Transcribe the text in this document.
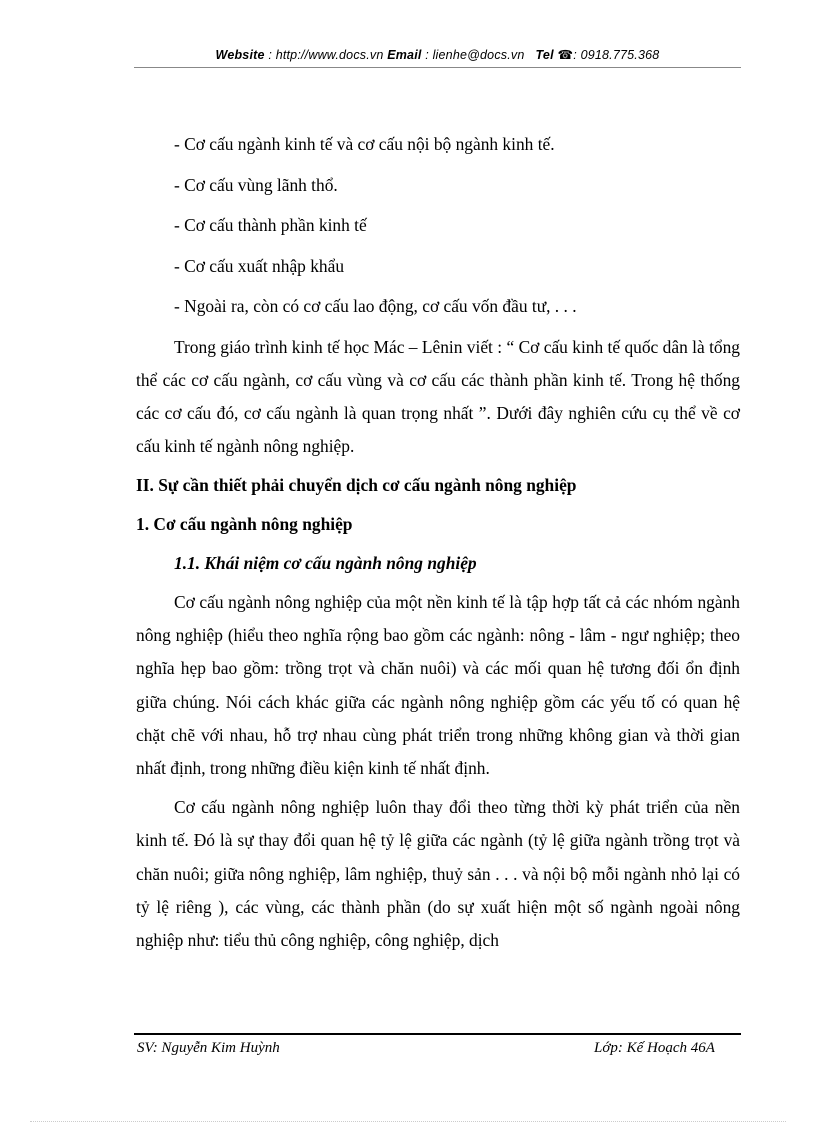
Website : http://www.docs.vn Email : lienhe@docs.vn Tel ☎: 0918.775.368
- Cơ cấu ngành kinh tế và cơ cấu nội bộ ngành kinh tế.
- Cơ cấu vùng lãnh thổ.
- Cơ cấu thành phần kinh tế
- Cơ cấu xuất nhập khẩu
- Ngoài ra, còn có cơ cấu lao động, cơ cấu vốn đầu tư, . . .

Trong giáo trình kinh tế học Mác – Lênin viết : “ Cơ cấu kinh tế quốc dân là tổng thể các cơ cấu ngành, cơ cấu vùng và cơ cấu các thành phần kinh tế. Trong hệ thống các cơ cấu đó, cơ cấu ngành là quan trọng nhất ”. Dưới đây nghiên cứu cụ thể về cơ cấu kinh tế ngành nông nghiệp.

II. Sự cần thiết phải chuyển dịch cơ cấu ngành nông nghiệp
1. Cơ cấu ngành nông nghiệp
1.1. Khái niệm cơ cấu ngành nông nghiệp

Cơ cấu ngành nông nghiệp của một nền kinh tế là tập hợp tất cả các nhóm ngành nông nghiệp (hiểu theo nghĩa rộng bao gồm các ngành: nông - lâm - ngư nghiệp; theo nghĩa hẹp bao gồm: trồng trọt và chăn nuôi) và các mối quan hệ tương đối ổn định giữa chúng. Nói cách khác giữa các ngành nông nghiệp gồm các yếu tố có quan hệ chặt chẽ với nhau, hỗ trợ nhau cùng phát triển trong những không gian và thời gian nhất định, trong những điều kiện kinh tế nhất định.

Cơ cấu ngành nông nghiệp luôn thay đổi theo từng thời kỳ phát triển của nền kinh tế. Đó là sự thay đổi quan hệ tỷ lệ giữa các ngành (tỷ lệ giữa ngành trồng trọt và chăn nuôi; giữa nông nghiệp, lâm nghiệp, thuỷ sản . . . và nội bộ mỗi ngành nhỏ lại có tỷ lệ riêng ), các vùng, các thành phần (do sự xuất hiện một số ngành ngoài nông nghiệp như: tiểu thủ công nghiệp, công nghiệp, dịch

SV: Nguyễn Kim Huỳnh	Lớp: Kế Hoạch 46A
